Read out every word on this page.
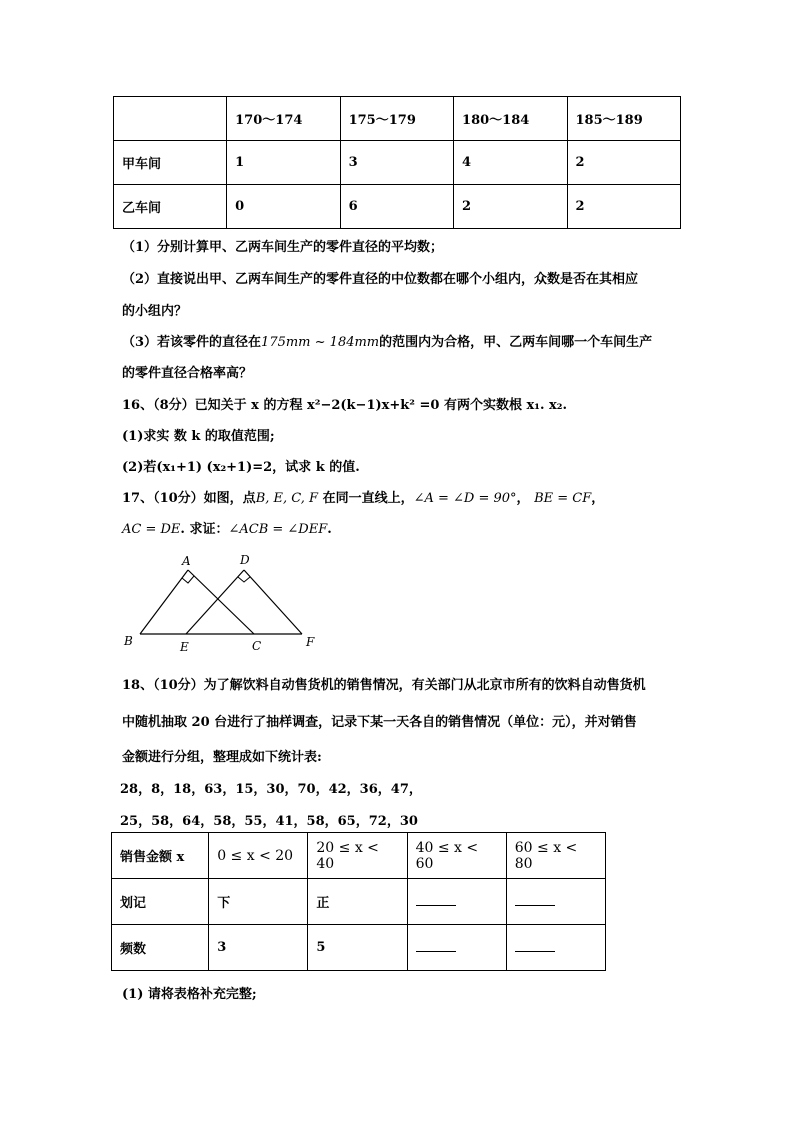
	170～174	175～179	180～184	185～189
甲车间	1	3	4	2
乙车间	0	6	2	2
（1）分别计算甲、乙两车间生产的零件直径的平均数；
（2）直接说出甲、乙两车间生产的零件直径的中位数都在哪个小组内，众数是否在其相应
的小组内？
（3）若该零件的直径在175mm ~ 184mm的范围内为合格，甲、乙两车间哪一个车间生产
的零件直径合格率高？
16、（8分）已知关于 x 的方程 x²−2(k−1)x+k² =0 有两个实数根 x₁. x₂.
(1)求实 数 k 的取值范围;
(2)若(x₁+1) (x₂+1)=2，试求 k 的值.
17、（10分）如图，点B, E, C, F 在同一直线上，∠A = ∠D = 90°， BE = CF，
AC = DE. 求证：∠ACB = ∠DEF.
A	D
B	E	C	F
18、（10分）为了解饮料自动售货机的销售情况，有关部门从北京市所有的饮料自动售货机
中随机抽取 20 台进行了抽样调查，记录下某一天各自的销售情况（单位：元），并对销售
金额进行分组，整理成如下统计表:
28，8，18，63，15，30，70，42，36，47，
25，58，64，58，55，41，58，65，72，30
销售金额 x	0 ≤ x < 20	20 ≤ x < 40	40 ≤ x < 60	60 ≤ x < 80
划记	下	正		
频数	3	5		
(1) 请将表格补充完整;
